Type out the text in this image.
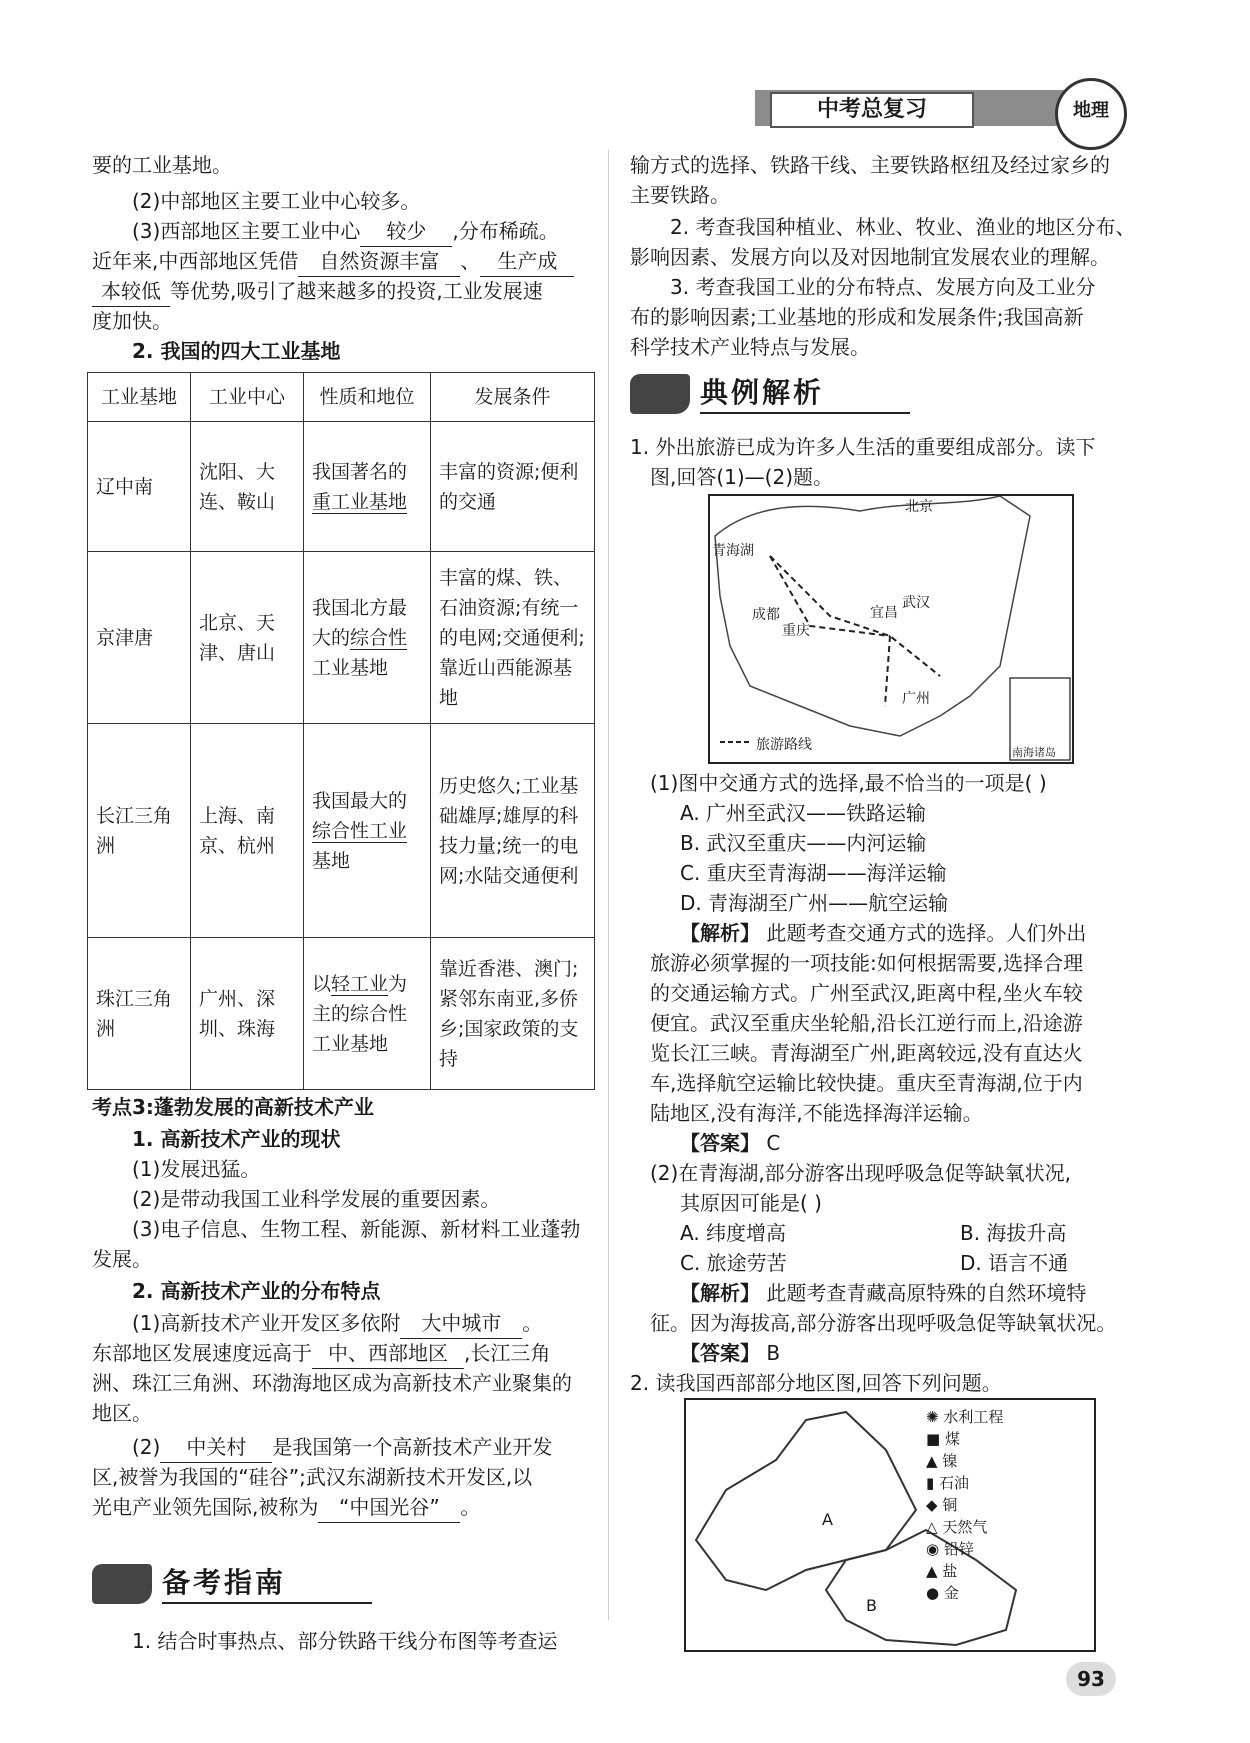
中考总复习	地理
要的工业基地。
(2)中部地区主要工业中心较多。
(3)西部地区主要工业中心 较少 ,分布稀疏。
近年来,中西部地区凭借 自然资源丰富 、 生产成
本较低 等优势,吸引了越来越多的投资,工业发展速
度加快。
2. 我国的四大工业基地
工业基地	工业中心	性质和地位	发展条件
辽中南	沈阳、大连、鞍山	我国著名的重工业基地	丰富的资源;便利的交通
京津唐	北京、天津、唐山	我国北方最大的综合性工业基地	丰富的煤、铁、石油资源;有统一的电网;交通便利;靠近山西能源基地
长江三角洲	上海、南京、杭州	我国最大的综合性工业基地	历史悠久;工业基础雄厚;雄厚的科技力量;统一的电网;水陆交通便利
珠江三角洲	广州、深圳、珠海	以轻工业为主的综合性工业基地	靠近香港、澳门;紧邻东南亚,多侨乡;国家政策的支持
考点3:蓬勃发展的高新技术产业
1. 高新技术产业的现状
(1)发展迅猛。
(2)是带动我国工业科学发展的重要因素。
(3)电子信息、生物工程、新能源、新材料工业蓬勃
发展。
2. 高新技术产业的分布特点
(1)高新技术产业开发区多依附 大中城市 。
东部地区发展速度远高于 中、西部地区 ,长江三角
洲、珠江三角洲、环渤海地区成为高新技术产业聚集的
地区。
(2) 中关村 是我国第一个高新技术产业开发
区,被誉为我国的“硅谷”;武汉东湖新技术开发区,以
光电产业领先国际,被称为 “中国光谷” 。
备考指南
1. 结合时事热点、部分铁路干线分布图等考查运
输方式的选择、铁路干线、主要铁路枢纽及经过家乡的
主要铁路。
2. 考查我国种植业、林业、牧业、渔业的地区分布、
影响因素、发展方向以及对因地制宜发展农业的理解。
3. 考查我国工业的分布特点、发展方向及工业分
布的影响因素;工业基地的形成和发展条件;我国高新
科学技术产业特点与发展。
典例解析
1. 外出旅游已成为许多人生活的重要组成部分。读下
图,回答(1)—(2)题。
北京
青海湖
成都
重庆
宜昌
武汉
广州
旅游路线	南海诸岛
(1)图中交通方式的选择,最不恰当的一项是( )
A. 广州至武汉——铁路运输
B. 武汉至重庆——内河运输
C. 重庆至青海湖——海洋运输
D. 青海湖至广州——航空运输
【解析】 此题考查交通方式的选择。人们外出
旅游必须掌握的一项技能:如何根据需要,选择合理
的交通运输方式。广州至武汉,距离中程,坐火车较
便宜。武汉至重庆坐轮船,沿长江逆行而上,沿途游
览长江三峡。青海湖至广州,距离较远,没有直达火
车,选择航空运输比较快捷。重庆至青海湖,位于内
陆地区,没有海洋,不能选择海洋运输。
【答案】 C
(2)在青海湖,部分游客出现呼吸急促等缺氧状况,
其原因可能是( )
A. 纬度增高	B. 海拔升高
C. 旅途劳苦	D. 语言不通
【解析】 此题考查青藏高原特殊的自然环境特
征。因为海拔高,部分游客出现呼吸急促等缺氧状况。
【答案】 B
2. 读我国西部部分地区图,回答下列问题。
A
B
✺ 水利工程
■ 煤
▲ 镍
▮ 石油
◆ 铜
△ 天然气
◉ 铅锌
▲ 盐
● 金
93
